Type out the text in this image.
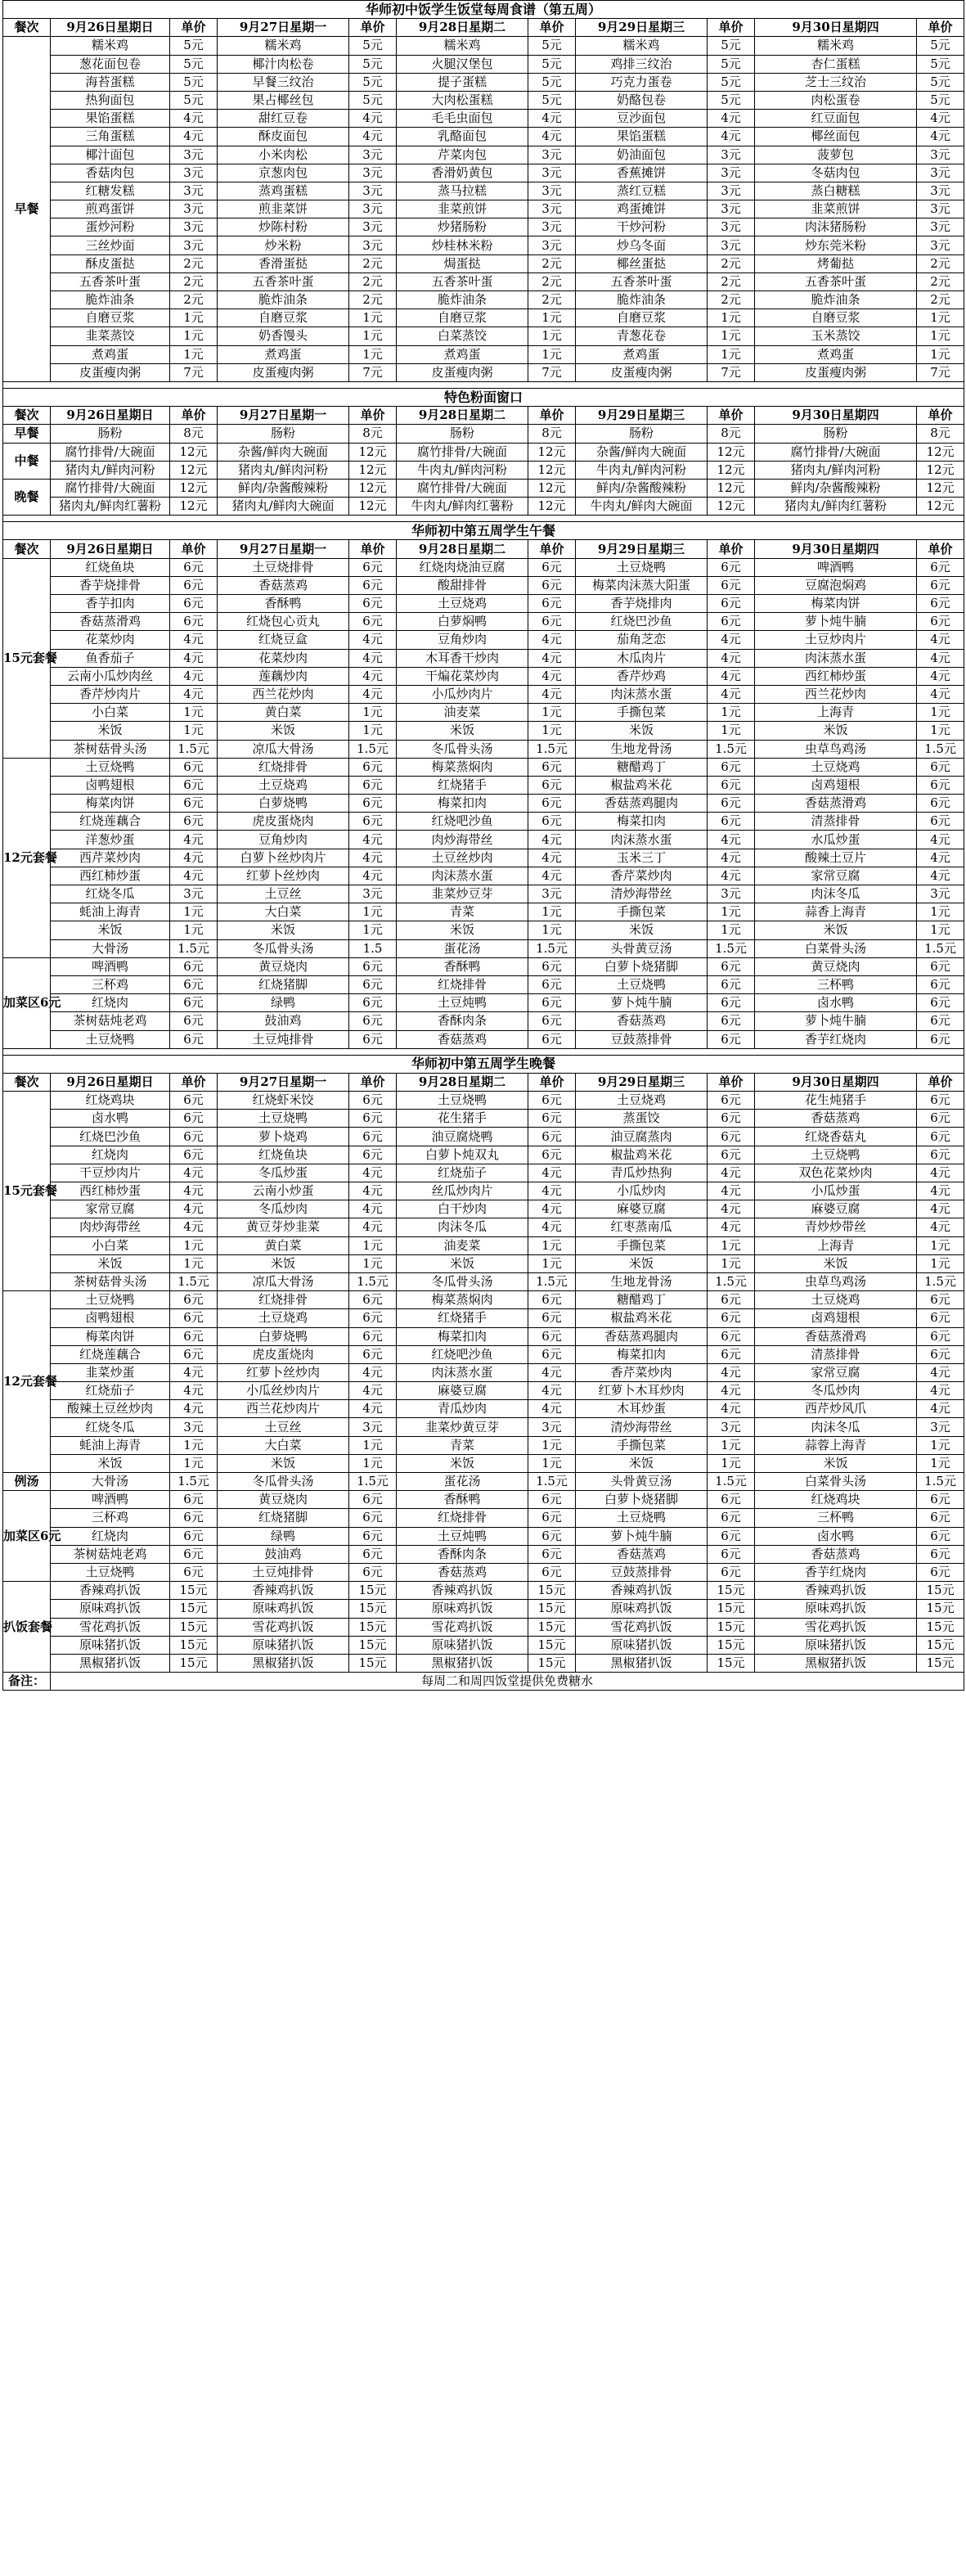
华师初中饭学生饭堂每周食谱（第五周）										
餐次	9月26日星期日	单价	9月27日星期一	单价	9月28日星期二	单价	9月29日星期三	单价	9月30日星期四	单价
早餐	糯米鸡	5元	糯米鸡	5元	糯米鸡	5元	糯米鸡	5元	糯米鸡	5元
	葱花面包卷	5元	椰汁肉松卷	5元	火腿汉堡包	5元	鸡排三纹治	5元	杏仁蛋糕	5元
	海苔蛋糕	5元	早餐三纹治	5元	提子蛋糕	5元	巧克力蛋卷	5元	芝士三纹治	5元
	热狗面包	5元	果占椰丝包	5元	大肉松蛋糕	5元	奶酪包卷	5元	肉松蛋卷	5元
	果馅蛋糕	4元	甜红豆卷	4元	毛毛虫面包	4元	豆沙面包	4元	红豆面包	4元
	三角蛋糕	4元	酥皮面包	4元	乳酪面包	4元	果馅蛋糕	4元	椰丝面包	4元
	椰汁面包	3元	小米肉松	3元	芹菜肉包	3元	奶油面包	3元	菠萝包	3元
	香菇肉包	3元	京葱肉包	3元	香滑奶黄包	3元	香蕉摊饼	3元	冬菇肉包	3元
	红糖发糕	3元	蒸鸡蛋糕	3元	蒸马拉糕	3元	蒸红豆糕	3元	蒸白糖糕	3元
	煎鸡蛋饼	3元	煎韭菜饼	3元	韭菜煎饼	3元	鸡蛋摊饼	3元	韭菜煎饼	3元
	蛋炒河粉	3元	炒陈村粉	3元	炒猪肠粉	3元	干炒河粉	3元	肉沫猪肠粉	3元
	三丝炒面	3元	炒米粉	3元	炒桂林米粉	3元	炒乌冬面	3元	炒东莞米粉	3元
	酥皮蛋挞	2元	香滑蛋挞	2元	焗蛋挞	2元	椰丝蛋挞	2元	烤葡挞	2元
	五香茶叶蛋	2元	五香茶叶蛋	2元	五香茶叶蛋	2元	五香茶叶蛋	2元	五香茶叶蛋	2元
	脆炸油条	2元	脆炸油条	2元	脆炸油条	2元	脆炸油条	2元	脆炸油条	2元
	自磨豆浆	1元	自磨豆浆	1元	自磨豆浆	1元	自磨豆浆	1元	自磨豆浆	1元
	韭菜蒸饺	1元	奶香馒头	1元	白菜蒸饺	1元	青葱花卷	1元	玉米蒸饺	1元
	煮鸡蛋	1元	煮鸡蛋	1元	煮鸡蛋	1元	煮鸡蛋	1元	煮鸡蛋	1元
	皮蛋瘦肉粥	7元	皮蛋瘦肉粥	7元	皮蛋瘦肉粥	7元	皮蛋瘦肉粥	7元	皮蛋瘦肉粥	7元

特色粉面窗口										
餐次	9月26日星期日	单价	9月27日星期一	单价	9月28日星期二	单价	9月29日星期三	单价	9月30日星期四	单价
早餐	肠粉	8元	肠粉	8元	肠粉	8元	肠粉	8元	肠粉	8元
中餐	腐竹排骨/大碗面	12元	杂酱/鲜肉大碗面	12元	腐竹排骨/大碗面	12元	杂酱/鲜肉大碗面	12元	腐竹排骨/大碗面	12元
	猪肉丸/鲜肉河粉	12元	猪肉丸/鲜肉河粉	12元	牛肉丸/鲜肉河粉	12元	牛肉丸/鲜肉河粉	12元	猪肉丸/鲜肉河粉	12元
晚餐	腐竹排骨/大碗面	12元	鲜肉/杂酱酸辣粉	12元	腐竹排骨/大碗面	12元	鲜肉/杂酱酸辣粉	12元	鲜肉/杂酱酸辣粉	12元
	猪肉丸/鲜肉红薯粉	12元	猪肉丸/鲜肉大碗面	12元	牛肉丸/鲜肉红薯粉	12元	牛肉丸/鲜肉大碗面	12元	猪肉丸/鲜肉红薯粉	12元

华师初中第五周学生午餐										
餐次	9月26日星期日	单价	9月27日星期一	单价	9月28日星期二	单价	9月29日星期三	单价	9月30日星期四	单价
15元套餐	红烧鱼块	6元	土豆烧排骨	6元	红烧肉烧油豆腐	6元	土豆烧鸭	6元	啤酒鸭	6元
	香芋烧排骨	6元	香菇蒸鸡	6元	酸甜排骨	6元	梅菜肉沫蒸大阳蛋	6元	豆腐泡焖鸡	6元
	香芋扣肉	6元	香酥鸭	6元	土豆烧鸡	6元	香芋烧排肉	6元	梅菜肉饼	6元
	香菇蒸滑鸡	6元	红烧包心贡丸	6元	白萝焖鸭	6元	红烧巴沙鱼	6元	萝卜炖牛腩	6元
	花菜炒肉	4元	红烧豆盒	4元	豆角炒肉	4元	茄角芝恋	4元	土豆炒肉片	4元
	鱼香茄子	4元	花菜炒肉	4元	木耳香干炒肉	4元	木瓜肉片	4元	肉沫蒸水蛋	4元
	云南小瓜炒肉丝	4元	莲藕炒肉	4元	干煸花菜炒肉	4元	香芹炒鸡	4元	西红柿炒蛋	4元
	香芹炒肉片	4元	西兰花炒肉	4元	小瓜炒肉片	4元	肉沫蒸水蛋	4元	西兰花炒肉	4元
	小白菜	1元	黄白菜	1元	油麦菜	1元	手撕包菜	1元	上海青	1元
	米饭	1元	米饭	1元	米饭	1元	米饭	1元	米饭	1元
	茶树菇骨头汤	1.5元	凉瓜大骨汤	1.5元	冬瓜骨头汤	1.5元	生地龙骨汤	1.5元	虫草鸟鸡汤	1.5元
12元套餐	土豆烧鸭	6元	红烧排骨	6元	梅菜蒸焖肉	6元	糖醋鸡丁	6元	土豆烧鸡	6元
	卤鸭翅根	6元	土豆烧鸡	6元	红烧猪手	6元	椒盐鸡米花	6元	卤鸡翅根	6元
	梅菜肉饼	6元	白萝烧鸭	6元	梅菜扣肉	6元	香菇蒸鸡腿肉	6元	香菇蒸滑鸡	6元
	红烧莲藕合	6元	虎皮蛋烧肉	6元	红烧吧沙鱼	6元	梅菜扣肉	6元	清蒸排骨	6元
	洋葱炒蛋	4元	豆角炒肉	4元	肉炒海带丝	4元	肉沫蒸水蛋	4元	水瓜炒蛋	4元
	西芹菜炒肉	4元	白萝卜丝炒肉片	4元	土豆丝炒肉	4元	玉米三丁	4元	酸辣土豆片	4元
	西红柿炒蛋	4元	红萝卜丝炒肉	4元	肉沫蒸水蛋	4元	香芹菜炒肉	4元	家常豆腐	4元
	红烧冬瓜	3元	土豆丝	3元	韭菜炒豆芽	3元	清炒海带丝	3元	肉沫冬瓜	3元
	蚝油上海青	1元	大白菜	1元	青菜	1元	手撕包菜	1元	蒜香上海青	1元
	米饭	1元	米饭	1元	米饭	1元	米饭	1元	米饭	1元
	大骨汤	1.5元	冬瓜骨头汤	1.5	蛋花汤	1.5元	头骨黄豆汤	1.5元	白菜骨头汤	1.5元
加菜区6元	啤酒鸭	6元	黄豆烧肉	6元	香酥鸭	6元	白萝卜烧猪脚	6元	黄豆烧肉	6元
	三杯鸡	6元	红烧猪脚	6元	红烧排骨	6元	土豆烧鸭	6元	三杯鸭	6元
	红烧肉	6元	绿鸭	6元	土豆炖鸭	6元	萝卜炖牛腩	6元	卤水鸭	6元
	茶树菇炖老鸡	6元	鼓油鸡	6元	香酥肉条	6元	香菇蒸鸡	6元	萝卜炖牛腩	6元
	土豆烧鸭	6元	土豆炖排骨	6元	香菇蒸鸡	6元	豆鼓蒸排骨	6元	香芋红烧肉	6元

华师初中第五周学生晚餐										
餐次	9月26日星期日	单价	9月27日星期一	单价	9月28日星期二	单价	9月29日星期三	单价	9月30日星期四	单价
15元套餐	红烧鸡块	6元	红烧虾米饺	6元	土豆烧鸭	6元	土豆烧鸡	6元	花生炖猪手	6元
	卤水鸭	6元	土豆烧鸭	6元	花生猪手	6元	蒸蛋饺	6元	香菇蒸鸡	6元
	红烧巴沙鱼	6元	萝卜烧鸡	6元	油豆腐烧鸭	6元	油豆腐蒸肉	6元	红烧香菇丸	6元
	红烧肉	6元	红烧鱼块	6元	白萝卜炖双丸	6元	椒盐鸡米花	6元	土豆烧鸭	6元
	干豆炒肉片	4元	冬瓜炒蛋	4元	红烧茄子	4元	青瓜炒热狗	4元	双色花菜炒肉	4元
	西红柿炒蛋	4元	云南小炒蛋	4元	丝瓜炒肉片	4元	小瓜炒肉	4元	小瓜炒蛋	4元
	家常豆腐	4元	冬瓜炒肉	4元	白干炒肉	4元	麻婆豆腐	4元	麻婆豆腐	4元
	肉炒海带丝	4元	黄豆芽炒韭菜	4元	肉沫冬瓜	4元	红枣蒸南瓜	4元	青炒炒带丝	4元
	小白菜	1元	黄白菜	1元	油麦菜	1元	手撕包菜	1元	上海青	1元
	米饭	1元	米饭	1元	米饭	1元	米饭	1元	米饭	1元
	茶树菇骨头汤	1.5元	凉瓜大骨汤	1.5元	冬瓜骨头汤	1.5元	生地龙骨汤	1.5元	虫草鸟鸡汤	1.5元
12元套餐	土豆烧鸭	6元	红烧排骨	6元	梅菜蒸焖肉	6元	糖醋鸡丁	6元	土豆烧鸡	6元
	卤鸭翅根	6元	土豆烧鸡	6元	红烧猪手	6元	椒盐鸡米花	6元	卤鸡翅根	6元
	梅菜肉饼	6元	白萝烧鸭	6元	梅菜扣肉	6元	香菇蒸鸡腿肉	6元	香菇蒸滑鸡	6元
	红烧莲藕合	6元	虎皮蛋烧肉	6元	红烧吧沙鱼	6元	梅菜扣肉	6元	清蒸排骨	6元
	韭菜炒蛋	4元	红萝卜丝炒肉	4元	肉沫蒸水蛋	4元	香芹菜炒肉	4元	家常豆腐	4元
	红烧茄子	4元	小瓜丝炒肉片	4元	麻婆豆腐	4元	红萝卜木耳炒肉	4元	冬瓜炒肉	4元
	酸辣土豆丝炒肉	4元	西兰花炒肉片	4元	青瓜炒肉	4元	木耳炒蛋	4元	西芹炒风爪	4元
	红烧冬瓜	3元	土豆丝	3元	韭菜炒黄豆芽	3元	清炒海带丝	3元	肉沫冬瓜	3元
	蚝油上海青	1元	大白菜	1元	青菜	1元	手撕包菜	1元	蒜蓉上海青	1元
	米饭	1元	米饭	1元	米饭	1元	米饭	1元	米饭	1元
例汤	大骨汤	1.5元	冬瓜骨头汤	1.5元	蛋花汤	1.5元	头骨黄豆汤	1.5元	白菜骨头汤	1.5元
加菜区6元	啤酒鸭	6元	黄豆烧肉	6元	香酥鸭	6元	白萝卜烧猪脚	6元	红烧鸡块	6元
	三杯鸡	6元	红烧猪脚	6元	红烧排骨	6元	土豆烧鸭	6元	三杯鸭	6元
	红烧肉	6元	绿鸭	6元	土豆炖鸭	6元	萝卜炖牛腩	6元	卤水鸭	6元
	茶树菇炖老鸡	6元	鼓油鸡	6元	香酥肉条	6元	香菇蒸鸡	6元	香菇蒸鸡	6元
	土豆烧鸭	6元	土豆炖排骨	6元	香菇蒸鸡	6元	豆鼓蒸排骨	6元	香芋红烧肉	6元
扒饭套餐	香辣鸡扒饭	15元	香辣鸡扒饭	15元	香辣鸡扒饭	15元	香辣鸡扒饭	15元	香辣鸡扒饭	15元
	原味鸡扒饭	15元	原味鸡扒饭	15元	原味鸡扒饭	15元	原味鸡扒饭	15元	原味鸡扒饭	15元
	雪花鸡扒饭	15元	雪花鸡扒饭	15元	雪花鸡扒饭	15元	雪花鸡扒饭	15元	雪花鸡扒饭	15元
	原味猪扒饭	15元	原味猪扒饭	15元	原味猪扒饭	15元	原味猪扒饭	15元	原味猪扒饭	15元
	黑椒猪扒饭	15元	黑椒猪扒饭	15元	黑椒猪扒饭	15元	黑椒猪扒饭	15元	黑椒猪扒饭	15元
备注：	每周二和周四饭堂提供免费糖水									
